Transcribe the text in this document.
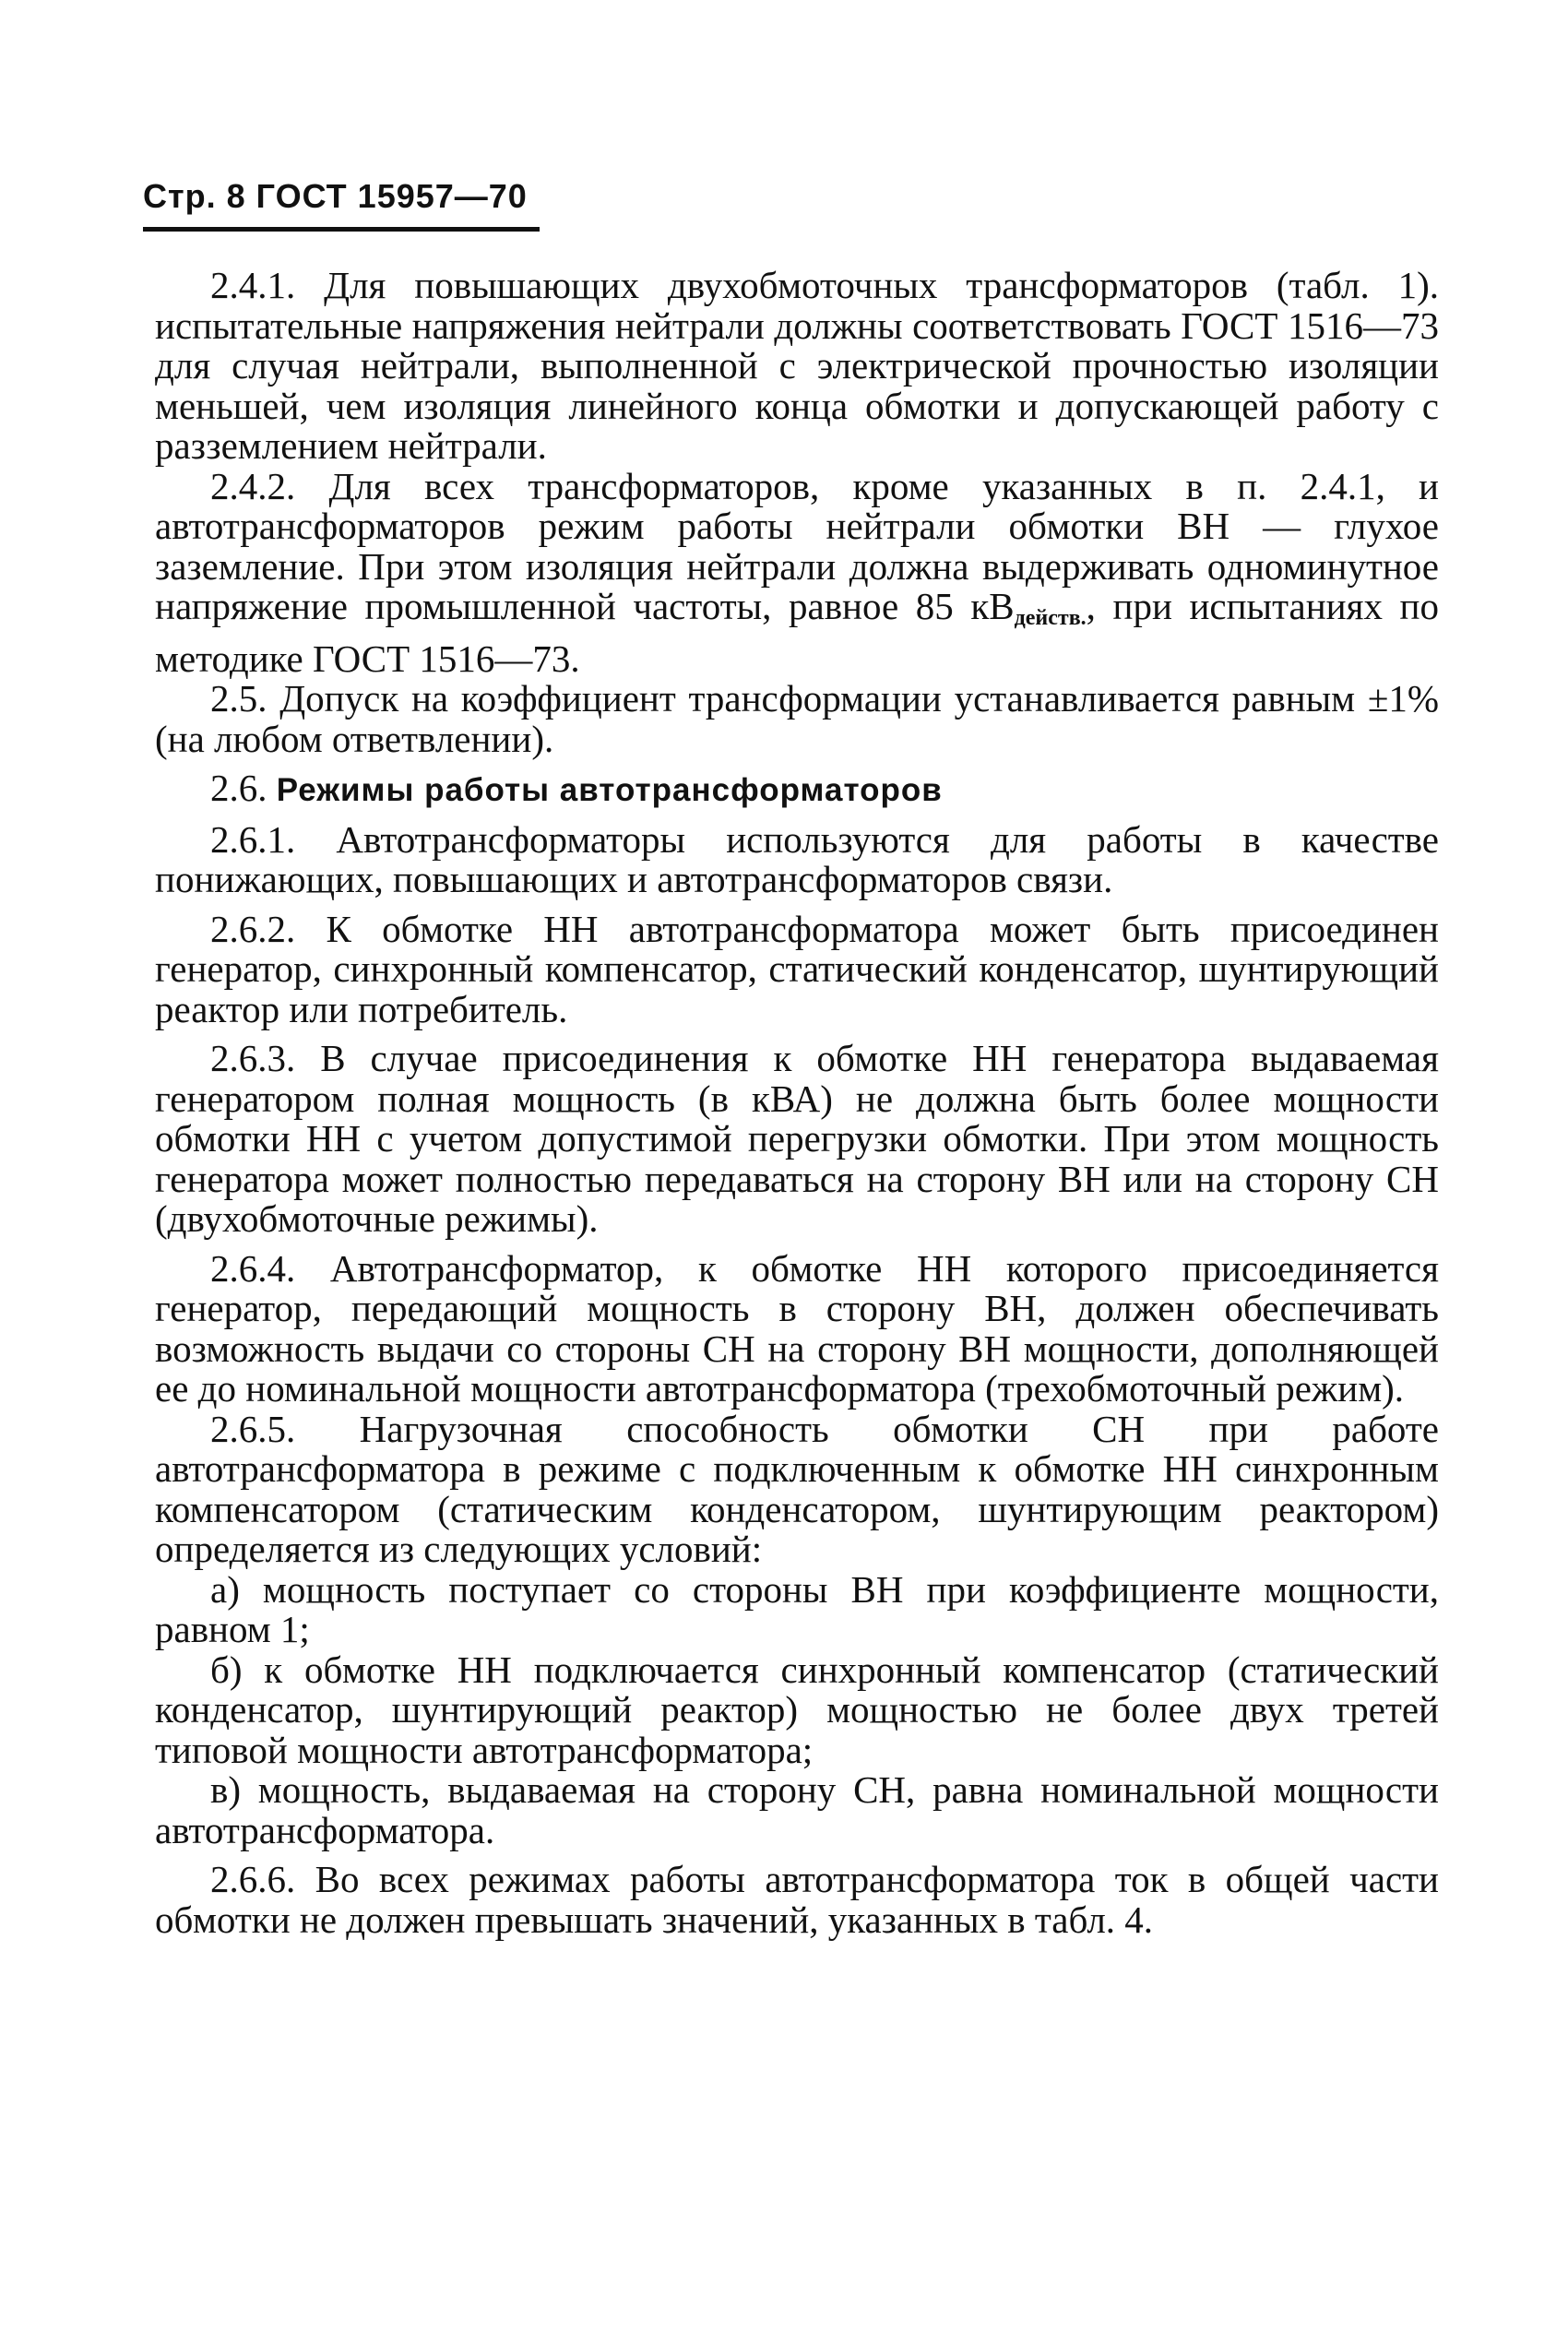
Стр. 8 ГОСТ 15957—70

2.4.1. Для повышающих двухобмоточных трансформаторов (табл. 1). испытательные напряжения нейтрали должны соответствовать ГОСТ 1516—73 для случая нейтрали, выполненной с электрической прочностью изоляции меньшей, чем изоляция линейного конца обмотки и допускающей работу с разземлением нейтрали.

2.4.2. Для всех трансформаторов, кроме указанных в п. 2.4.1, и автотрансформаторов режим работы нейтрали обмотки ВН — глухое заземление. При этом изоляция нейтрали должна выдерживать одноминутное напряжение промышленной частоты, равное 85 $кВ_{действ.}$, при испытаниях по методике ГОСТ 1516—73.

2.5. Допуск на коэффициент трансформации устанавливается равным ±1% (на любом ответвлении).

2.6. Режимы работы автотрансформаторов

2.6.1. Автотрансформаторы используются для работы в качестве понижающих, повышающих и автотрансформаторов связи.

2.6.2. К обмотке НН автотрансформатора может быть присоединен генератор, синхронный компенсатор, статический конденсатор, шунтирующий реактор или потребитель.

2.6.3. В случае присоединения к обмотке НН генератора выдаваемая генератором полная мощность (в кВА) не должна быть более мощности обмотки НН с учетом допустимой перегрузки обмотки. При этом мощность генератора может полностью передаваться на сторону ВН или на сторону СН (двухобмоточные режимы).

2.6.4. Автотрансформатор, к обмотке НН которого присоединяется генератор, передающий мощность в сторону ВН, должен обеспечивать возможность выдачи со стороны СН на сторону ВН мощности, дополняющей ее до номинальной мощности автотрансформатора (трехобмоточный режим).

2.6.5. Нагрузочная способность обмотки СН при работе автотрансформатора в режиме с подключенным к обмотке НН синхронным компенсатором (статическим конденсатором, шунтирующим реактором) определяется из следующих условий:

а) мощность поступает со стороны ВН при коэффициенте мощности, равном 1;

б) к обмотке НН подключается синхронный компенсатор (статический конденсатор, шунтирующий реактор) мощностью не более двух третей типовой мощности автотрансформатора;

в) мощность, выдаваемая на сторону СН, равна номинальной мощности автотрансформатора.

2.6.6. Во всех режимах работы автотрансформатора ток в общей части обмотки не должен превышать значений, указанных в табл. 4.
